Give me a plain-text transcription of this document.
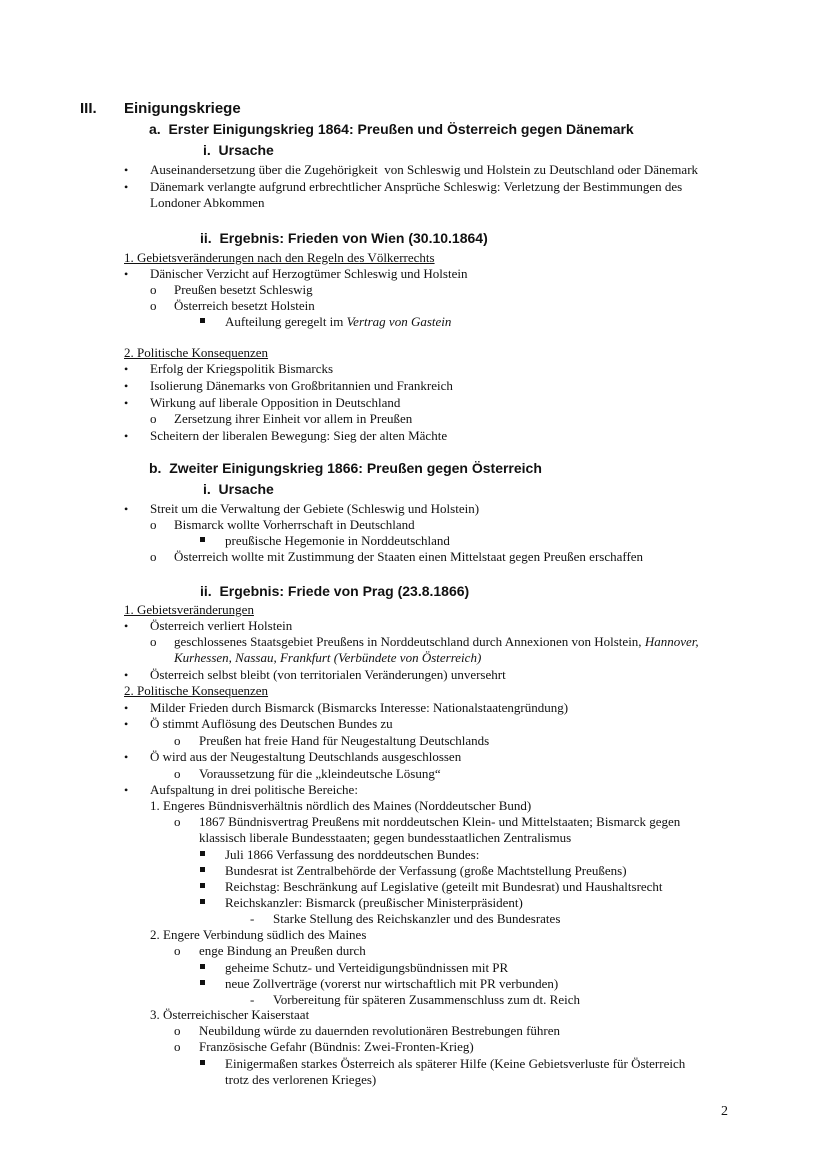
III. Einigungskriege
a.  Erster Einigungskrieg 1864: Preußen und Österreich gegen Dänemark
i.  Ursache
• Auseinandersetzung über die Zugehörigkeit  von Schleswig und Holstein zu Deutschland oder Dänemark
• Dänemark verlangte aufgrund erbrechtlicher Ansprüche Schleswig: Verletzung der Bestimmungen des
Londoner Abkommen
ii.  Ergebnis: Frieden von Wien (30.10.1864)
1. Gebietsveränderungen nach den Regeln des Völkerrechts
• Dänischer Verzicht auf Herzogtümer Schleswig und Holstein
o Preußen besetzt Schleswig
o Österreich besetzt Holstein
Aufteilung geregelt im Vertrag von Gastein
2. Politische Konsequenzen
• Erfolg der Kriegspolitik Bismarcks
• Isolierung Dänemarks von Großbritannien und Frankreich
• Wirkung auf liberale Opposition in Deutschland
o Zersetzung ihrer Einheit vor allem in Preußen
• Scheitern der liberalen Bewegung: Sieg der alten Mächte
b.  Zweiter Einigungskrieg 1866: Preußen gegen Österreich
i.  Ursache
• Streit um die Verwaltung der Gebiete (Schleswig und Holstein)
o Bismarck wollte Vorherrschaft in Deutschland
preußische Hegemonie in Norddeutschland
o Österreich wollte mit Zustimmung der Staaten einen Mittelstaat gegen Preußen erschaffen
ii.  Ergebnis: Friede von Prag (23.8.1866)
1. Gebietsveränderungen
• Österreich verliert Holstein
o geschlossenes Staatsgebiet Preußens in Norddeutschland durch Annexionen von Holstein, Hannover,
Kurhessen, Nassau, Frankfurt (Verbündete von Österreich)
• Österreich selbst bleibt (von territorialen Veränderungen) unversehrt
2. Politische Konsequenzen
• Milder Frieden durch Bismarck (Bismarcks Interesse: Nationalstaatengründung)
• Ö stimmt Auflösung des Deutschen Bundes zu
o Preußen hat freie Hand für Neugestaltung Deutschlands
• Ö wird aus der Neugestaltung Deutschlands ausgeschlossen
o Voraussetzung für die „kleindeutsche Lösung“
• Aufspaltung in drei politische Bereiche:
1. Engeres Bündnisverhältnis nördlich des Maines (Norddeutscher Bund)
o 1867 Bündnisvertrag Preußens mit norddeutschen Klein- und Mittelstaaten; Bismarck gegen
klassisch liberale Bundesstaaten; gegen bundesstaatlichen Zentralismus
Juli 1866 Verfassung des norddeutschen Bundes:
Bundesrat ist Zentralbehörde der Verfassung (große Machtstellung Preußens)
Reichstag: Beschränkung auf Legislative (geteilt mit Bundesrat) und Haushaltsrecht
Reichskanzler: Bismarck (preußischer Ministerpräsident)
- Starke Stellung des Reichskanzler und des Bundesrates
2. Engere Verbindung südlich des Maines
o enge Bindung an Preußen durch
geheime Schutz- und Verteidigungsbündnissen mit PR
neue Zollverträge (vorerst nur wirtschaftlich mit PR verbunden)
- Vorbereitung für späteren Zusammenschluss zum dt. Reich
3. Österreichischer Kaiserstaat
o Neubildung würde zu dauernden revolutionären Bestrebungen führen
o Französische Gefahr (Bündnis: Zwei-Fronten-Krieg)
Einigermaßen starkes Österreich als späterer Hilfe (Keine Gebietsverluste für Österreich
trotz des verlorenen Krieges)
2
